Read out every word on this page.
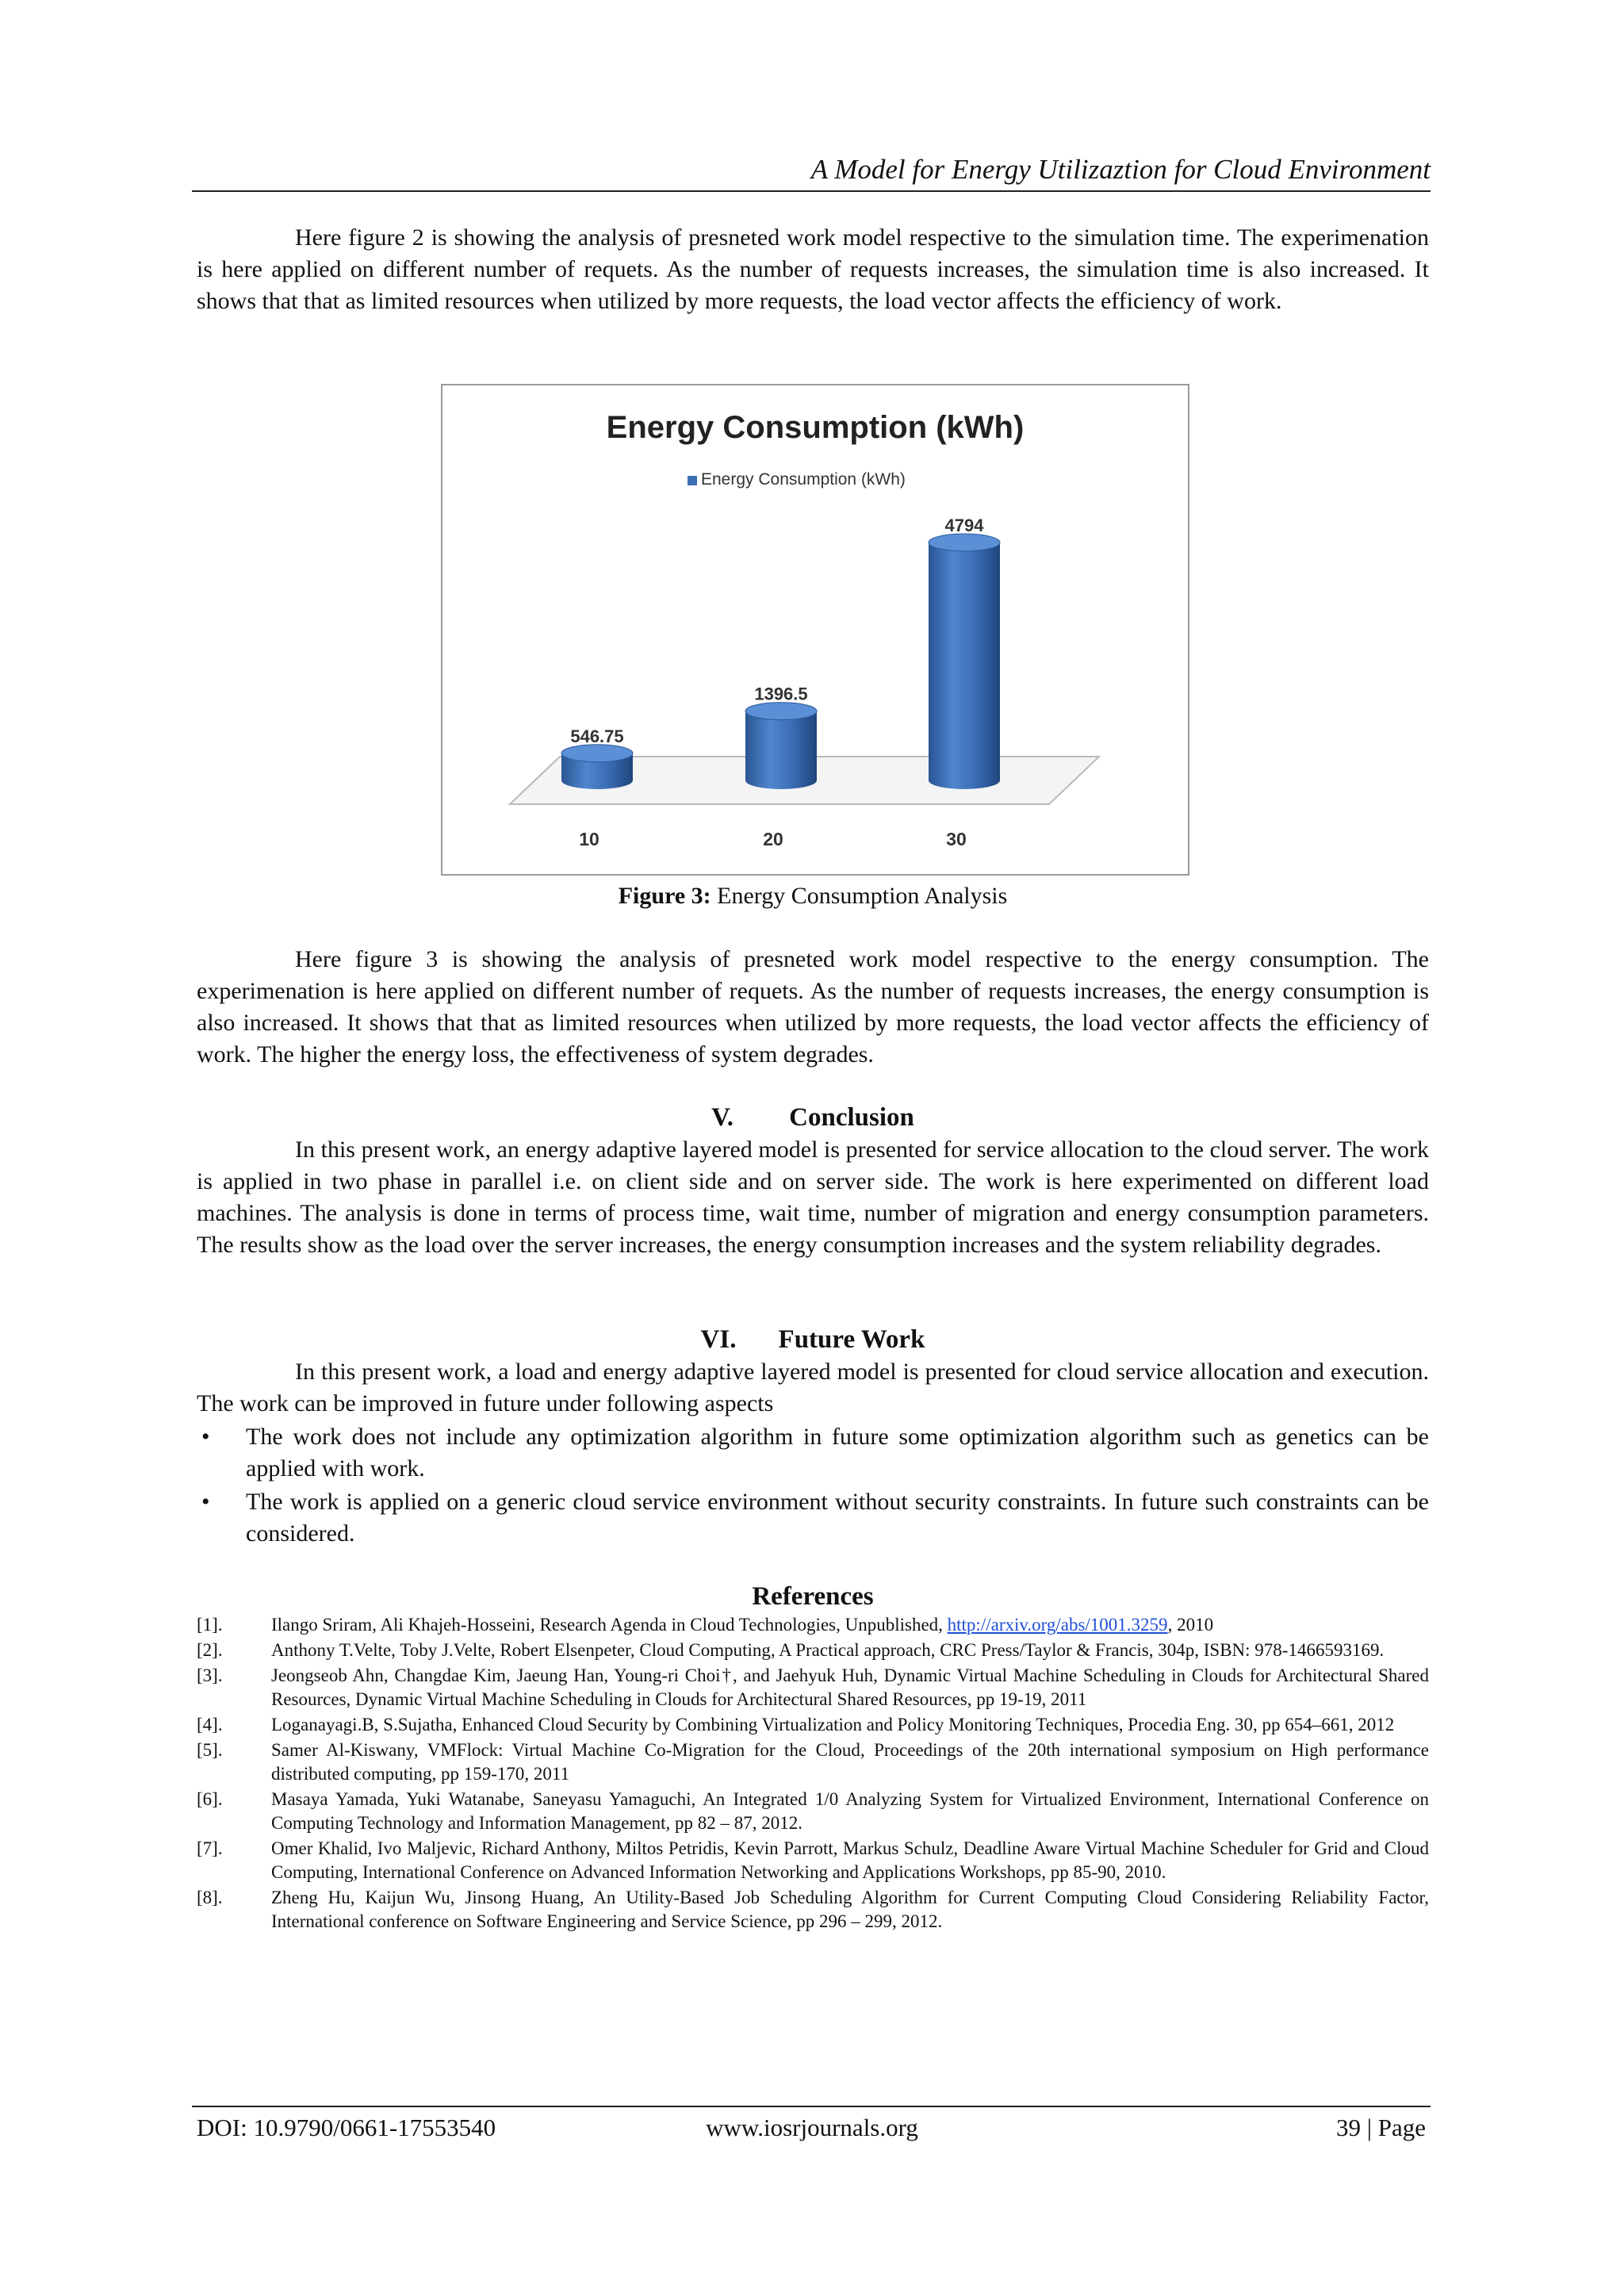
A Model for Energy Utilizaztion for Cloud Environment

Here figure 2 is showing the analysis of presneted work model respective to the simulation time. The experimenation is here applied on different number of requets. As the number of requests increases, the simulation time is also increased. It shows that that as limited resources when utilized by more requests, the load vector affects the efficiency of work.

Energy Consumption (kWh)
Energy Consumption (kWh)
546.75
10
1396.5
20
4794
30

Figure 3: Energy Consumption Analysis

Here figure 3 is showing the analysis of presneted work model respective to the energy consumption. The experimenation is here applied on different number of requets. As the number of requests increases, the energy consumption is also increased. It shows that that as limited resources when utilized by more requests, the load vector affects the efficiency of work. The higher the energy loss, the effectiveness of system degrades.

V. Conclusion

In this present work, an energy adaptive layered model is presented for service allocation to the cloud server. The work is applied in two phase in parallel i.e. on client side and on server side. The work is here experimented on different load machines. The analysis is done in terms of process time, wait time, number of migration and energy consumption parameters. The results show as the load over the server increases, the energy consumption increases and the system reliability degrades.

VI. Future Work

In this present work, a load and energy adaptive layered model is presented for cloud service allocation and execution. The work can be improved in future under following aspects

• The work does not include any optimization algorithm in future some optimization algorithm such as genetics can be applied with work.
• The work is applied on a generic cloud service environment without security constraints. In future such constraints can be considered.
References
[1].	Ilango Sriram, Ali Khajeh-Hosseini, Research Agenda in Cloud Technologies, Unpublished, http://arxiv.org/abs/1001.3259, 2010
[2].	Anthony T.Velte, Toby J.Velte, Robert Elsenpeter, Cloud Computing, A Practical approach, CRC Press/Taylor & Francis, 304p, ISBN: 978-1466593169.
[3].	Jeongseob Ahn, Changdae Kim, Jaeung Han, Young-ri Choi†, and Jaehyuk Huh, Dynamic Virtual Machine Scheduling in Clouds for Architectural Shared Resources, Dynamic Virtual Machine Scheduling in Clouds for Architectural Shared Resources, pp 19-19, 2011
[4].	Loganayagi.B, S.Sujatha, Enhanced Cloud Security by Combining Virtualization and Policy Monitoring Techniques, Procedia Eng. 30, pp 654–661, 2012
[5].	Samer Al-Kiswany, VMFlock: Virtual Machine Co-Migration for the Cloud, Proceedings of the 20th international symposium on High performance distributed computing, pp 159-170, 2011
[6].	Masaya Yamada, Yuki Watanabe, Saneyasu Yamaguchi, An Integrated 1/0 Analyzing System for Virtualized Environment, International Conference on Computing Technology and Information Management, pp 82 – 87, 2012.
[7].	Omer Khalid, Ivo Maljevic, Richard Anthony, Miltos Petridis, Kevin Parrott, Markus Schulz, Deadline Aware Virtual Machine Scheduler for Grid and Cloud Computing, International Conference on Advanced Information Networking and Applications Workshops, pp 85-90, 2010.
[8].	Zheng Hu, Kaijun Wu, Jinsong Huang, An Utility-Based Job Scheduling Algorithm for Current Computing Cloud Considering Reliability Factor, International conference on Software Engineering and Service Science, pp 296 – 299, 2012.
DOI: 10.9790/0661-17553540	www.iosrjournals.org	39 | Page
